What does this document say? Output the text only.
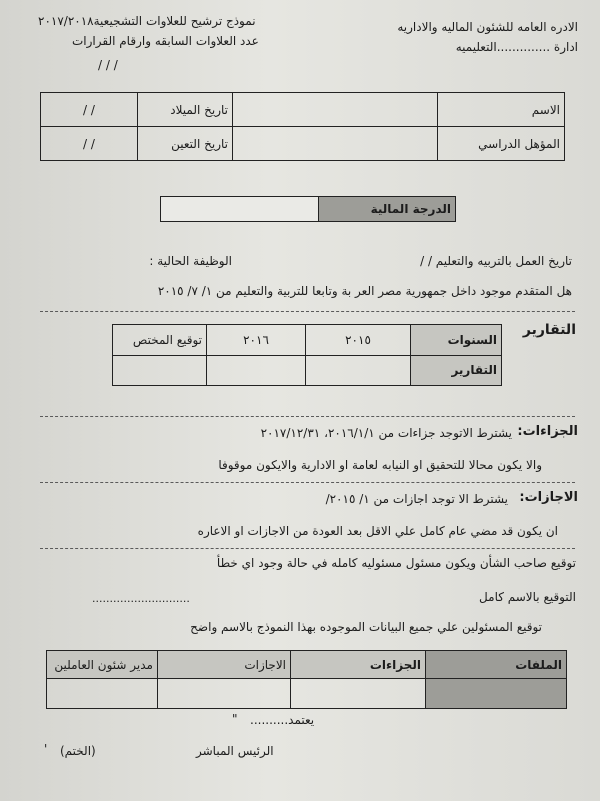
الادره العامه للشئون الماليه والاداريه
ادارة ..............التعليميه
نموذج ترشيح للعلاوات التشجيعية٢٠١٧/٢٠١٨
عدد العلاوات السابقه وارقام القرارات
/ / /
الاسم		تاريخ الميلاد	/ /
المؤهل الدراسي		تاريخ التعين	/ /
الدرجة المالية	
تاريخ العمل بالتربيه والتعليم / /
الوظيفة الحالية :
هل المتقدم موجود داخل جمهورية مصر العر بة وتابعا للتربية والتعليم من ١/ ٧/ ٢٠١٥
التقارير
السنوات	٢٠١٥	٢٠١٦	توقيع المختص
التقارير			
الجزاءات:
يشترط الاتوجد جزاءات من ٢٠١٦/١/١، ٢٠١٧/١٢/٣١
والا يكون محالا للتحقيق او النيابه لعامة او الادارية والايكون موقوفا
الاجازات:
يشترط الا توجد اجازات من ١/ ٢٠١٥/
ان يكون قد مضي عام كامل علي الاقل بعد العودة من الاجازات او الاعاره
توقيع صاحب الشأن ويكون مسئول مسئوليه كامله في حالة وجود اي خطأ
التوقيع بالاسم كامل
............................
توقيع المسئولين علي جميع البيانات الموجوده بهذا النموذج بالاسم واضح
الملفات	الجزاءات	الاجازات	مدير شئون العاملين

يعتمد..........
"
الرئيس المباشر
(الختم)
'
